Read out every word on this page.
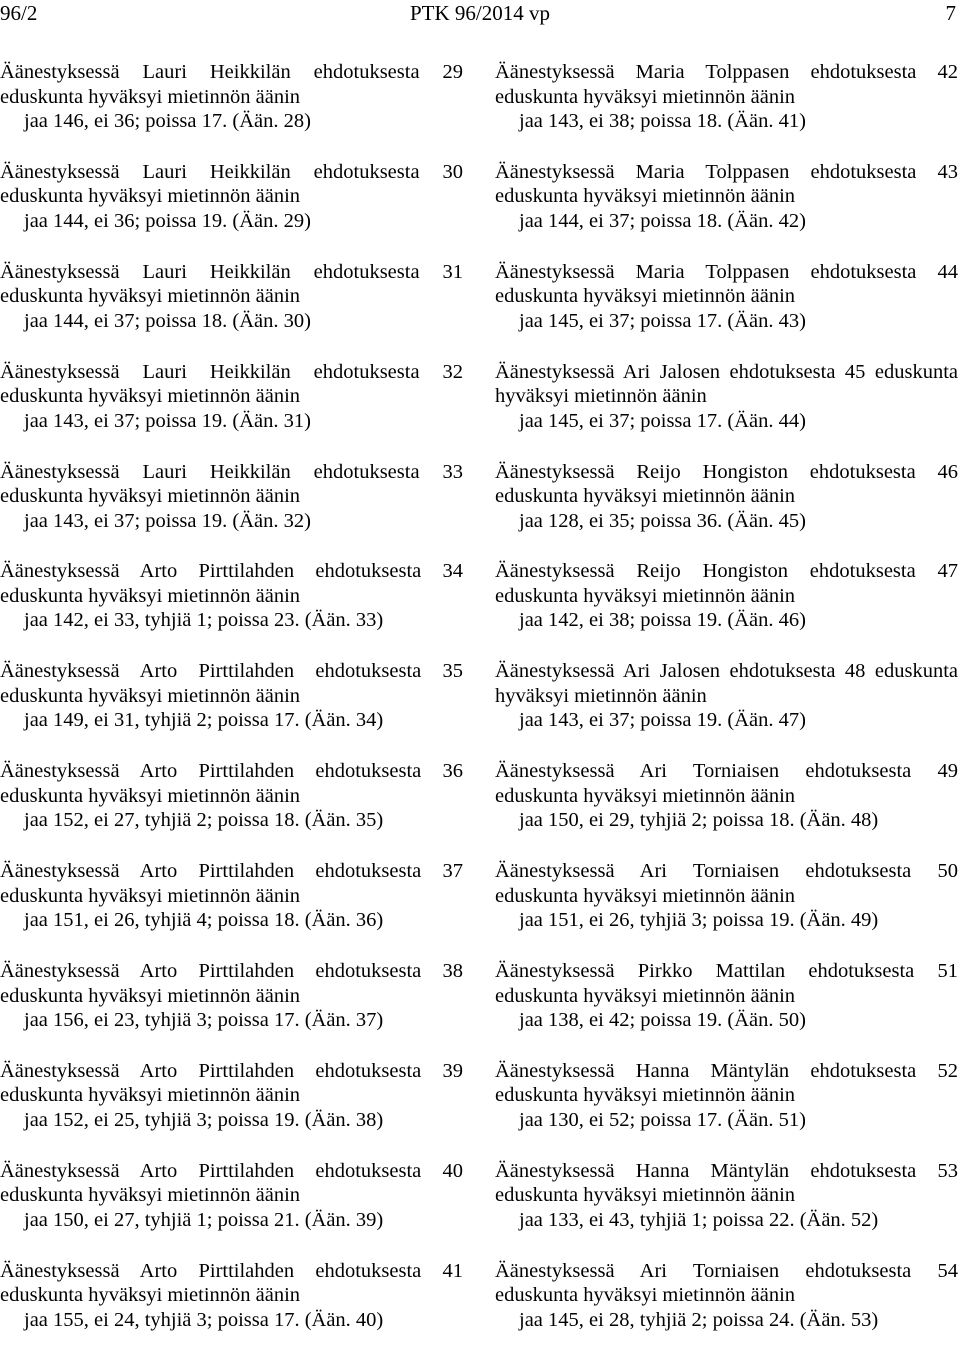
96/2	PTK 96/2014 vp	7
Äänestyksessä Lauri Heikkilän ehdotuksesta 29 eduskunta hyväksyi mietinnön äänin
jaa 146, ei 36; poissa 17. (Ään. 28)
Äänestyksessä Lauri Heikkilän ehdotuksesta 30 eduskunta hyväksyi mietinnön äänin
jaa 144, ei 36; poissa 19. (Ään. 29)
Äänestyksessä Lauri Heikkilän ehdotuksesta 31 eduskunta hyväksyi mietinnön äänin
jaa 144, ei 37; poissa 18. (Ään. 30)
Äänestyksessä Lauri Heikkilän ehdotuksesta 32 eduskunta hyväksyi mietinnön äänin
jaa 143, ei 37; poissa 19. (Ään. 31)
Äänestyksessä Lauri Heikkilän ehdotuksesta 33 eduskunta hyväksyi mietinnön äänin
jaa 143, ei 37; poissa 19. (Ään. 32)
Äänestyksessä Arto Pirttilahden ehdotuksesta 34 eduskunta hyväksyi mietinnön äänin
jaa 142, ei 33, tyhjiä 1; poissa 23. (Ään. 33)
Äänestyksessä Arto Pirttilahden ehdotuksesta 35 eduskunta hyväksyi mietinnön äänin
jaa 149, ei 31, tyhjiä 2; poissa 17. (Ään. 34)
Äänestyksessä Arto Pirttilahden ehdotuksesta 36 eduskunta hyväksyi mietinnön äänin
jaa 152, ei 27, tyhjiä 2; poissa 18. (Ään. 35)
Äänestyksessä Arto Pirttilahden ehdotuksesta 37 eduskunta hyväksyi mietinnön äänin
jaa 151, ei 26, tyhjiä 4; poissa 18. (Ään. 36)
Äänestyksessä Arto Pirttilahden ehdotuksesta 38 eduskunta hyväksyi mietinnön äänin
jaa 156, ei 23, tyhjiä 3; poissa 17. (Ään. 37)
Äänestyksessä Arto Pirttilahden ehdotuksesta 39 eduskunta hyväksyi mietinnön äänin
jaa 152, ei 25, tyhjiä 3; poissa 19. (Ään. 38)
Äänestyksessä Arto Pirttilahden ehdotuksesta 40 eduskunta hyväksyi mietinnön äänin
jaa 150, ei 27, tyhjiä 1; poissa 21. (Ään. 39)
Äänestyksessä Arto Pirttilahden ehdotuksesta 41 eduskunta hyväksyi mietinnön äänin
jaa 155, ei 24, tyhjiä 3; poissa 17. (Ään. 40)
Äänestyksessä Maria Tolppasen ehdotuksesta 42 eduskunta hyväksyi mietinnön äänin
jaa 143, ei 38; poissa 18. (Ään. 41)
Äänestyksessä Maria Tolppasen ehdotuksesta 43 eduskunta hyväksyi mietinnön äänin
jaa 144, ei 37; poissa 18. (Ään. 42)
Äänestyksessä Maria Tolppasen ehdotuksesta 44 eduskunta hyväksyi mietinnön äänin
jaa 145, ei 37; poissa 17. (Ään. 43)
Äänestyksessä Ari Jalosen ehdotuksesta 45 eduskunta hyväksyi mietinnön äänin
jaa 145, ei 37; poissa 17. (Ään. 44)
Äänestyksessä Reijo Hongiston ehdotuksesta 46 eduskunta hyväksyi mietinnön äänin
jaa 128, ei 35; poissa 36. (Ään. 45)
Äänestyksessä Reijo Hongiston ehdotuksesta 47 eduskunta hyväksyi mietinnön äänin
jaa 142, ei 38; poissa 19. (Ään. 46)
Äänestyksessä Ari Jalosen ehdotuksesta 48 eduskunta hyväksyi mietinnön äänin
jaa 143, ei 37; poissa 19. (Ään. 47)
Äänestyksessä Ari Torniaisen ehdotuksesta 49 eduskunta hyväksyi mietinnön äänin
jaa 150, ei 29, tyhjiä 2; poissa 18. (Ään. 48)
Äänestyksessä Ari Torniaisen ehdotuksesta 50 eduskunta hyväksyi mietinnön äänin
jaa 151, ei 26, tyhjiä 3; poissa 19. (Ään. 49)
Äänestyksessä Pirkko Mattilan ehdotuksesta 51 eduskunta hyväksyi mietinnön äänin
jaa 138, ei 42; poissa 19. (Ään. 50)
Äänestyksessä Hanna Mäntylän ehdotuksesta 52 eduskunta hyväksyi mietinnön äänin
jaa 130, ei 52; poissa 17. (Ään. 51)
Äänestyksessä Hanna Mäntylän ehdotuksesta 53 eduskunta hyväksyi mietinnön äänin
jaa 133, ei 43, tyhjiä 1; poissa 22. (Ään. 52)
Äänestyksessä Ari Torniaisen ehdotuksesta 54 eduskunta hyväksyi mietinnön äänin
jaa 145, ei 28, tyhjiä 2; poissa 24. (Ään. 53)
